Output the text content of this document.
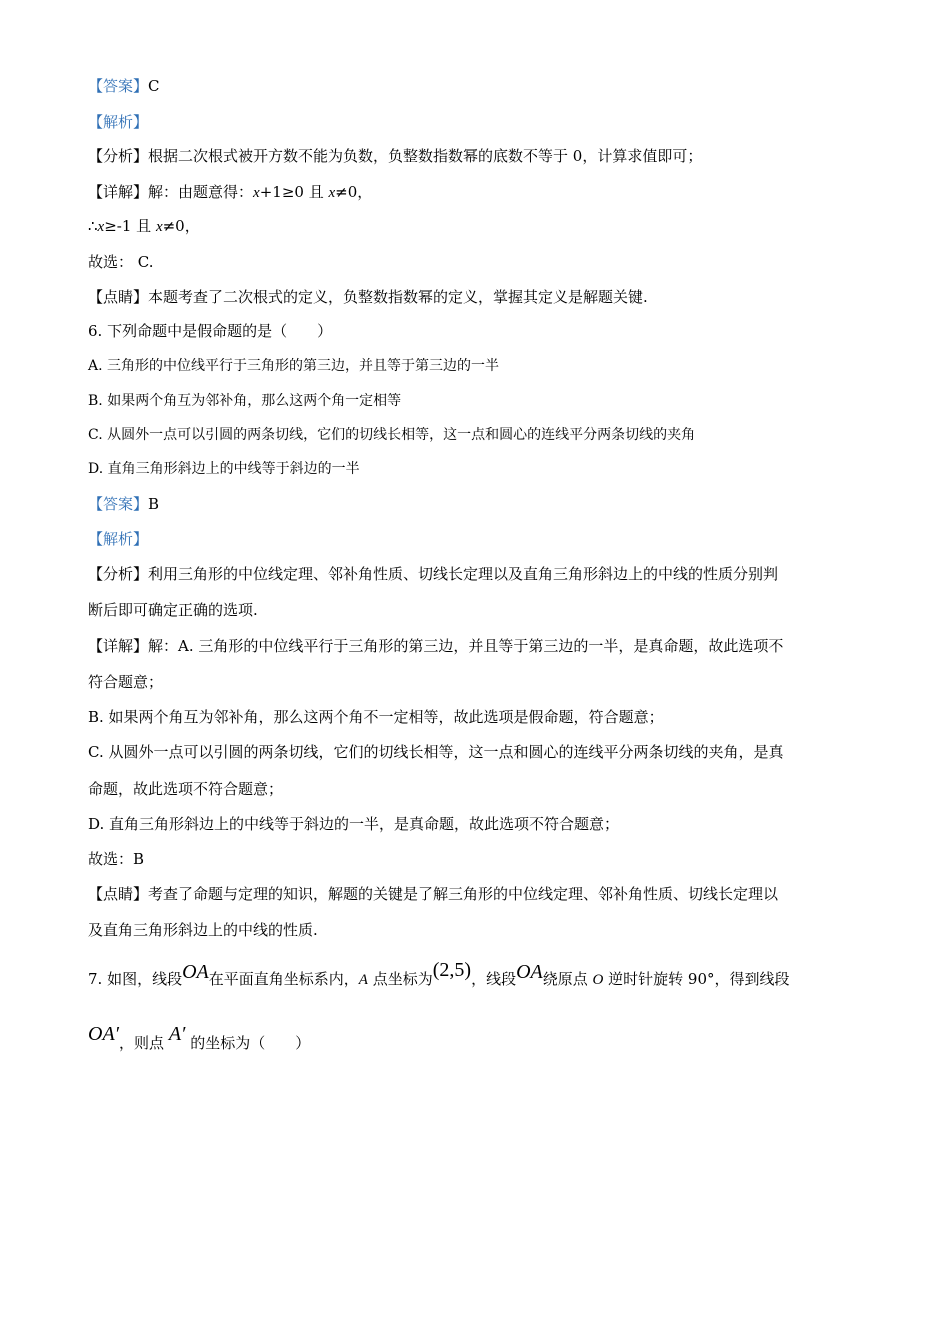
【答案】C
【解析】
【分析】根据二次根式被开方数不能为负数，负整数指数幂的底数不等于 0，计算求值即可；
【详解】解：由题意得：x+1≥0 且 x≠0，
∴x≥-1 且 x≠0，
故选： C.
【点睛】本题考查了二次根式的定义，负整数指数幂的定义，掌握其定义是解题关键.
6. 下列命题中是假命题的是（　　）
A. 三角形的中位线平行于三角形的第三边，并且等于第三边的一半
B. 如果两个角互为邻补角，那么这两个角一定相等
C. 从圆外一点可以引圆的两条切线，它们的切线长相等，这一点和圆心的连线平分两条切线的夹角
D. 直角三角形斜边上的中线等于斜边的一半
【答案】B
【解析】
【分析】利用三角形的中位线定理、邻补角性质、切线长定理以及直角三角形斜边上的中线的性质分别判
断后即可确定正确的选项.
【详解】解：A. 三角形的中位线平行于三角形的第三边，并且等于第三边的一半，是真命题，故此选项不
符合题意；
B. 如果两个角互为邻补角，那么这两个角不一定相等，故此选项是假命题，符合题意；
C. 从圆外一点可以引圆的两条切线，它们的切线长相等，这一点和圆心的连线平分两条切线的夹角，是真
命题，故此选项不符合题意；
D. 直角三角形斜边上的中线等于斜边的一半，是真命题，故此选项不符合题意；
故选：B
【点睛】考查了命题与定理的知识，解题的关键是了解三角形的中位线定理、邻补角性质、切线长定理以
及直角三角形斜边上的中线的性质.
7. 如图，线段OA在平面直角坐标系内，A 点坐标为(2,5)，线段OA绕原点 O 逆时针旋转 90°，得到线段
OA′，则点 A′ 的坐标为（　　）
